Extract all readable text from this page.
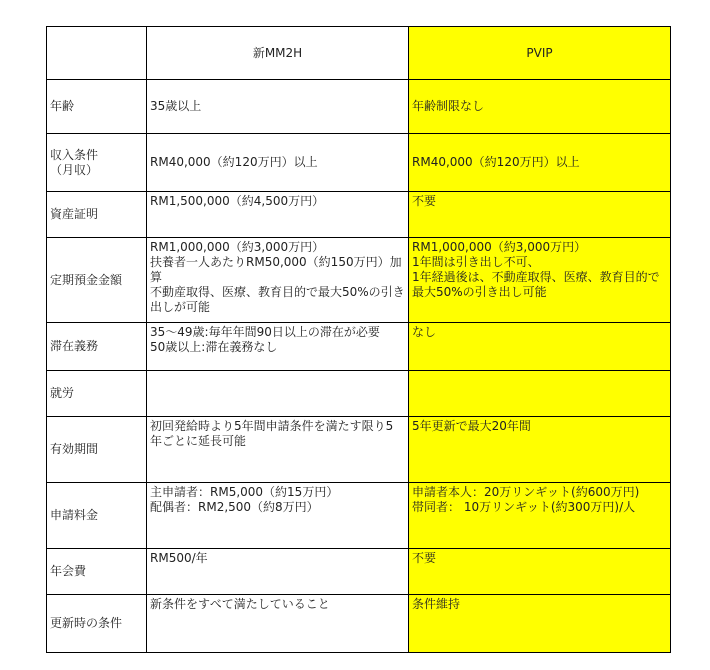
	新MM2H	PVIP
年齢	35歳以上	年齢制限なし

収入条件
（月収）	RM40,000（約120万円）以上	RM40,000（約120万円）以上

資産証明	RM1,500,000（約4,500万円）	不要

定期預金金額	RM1,000,000（約3,000万円）
扶養者一人あたりRM50,000（約150万円）加算
不動産取得、医療、教育目的で最大50%の引き出しが可能	RM1,000,000（約3,000万円）
1年間は引き出し不可、
1年経過後は、不動産取得、医療、教育目的で最大50%の引き出し可能

滞在義務	35～49歳:毎年年間90日以上の滞在が必要
50歳以上:滞在義務なし	なし

就労	

有効期間	初回発給時より5年間申請条件を満たす限り5年ごとに延長可能	5年更新で最大20年間

申請料金	主申請者：RM5,000（約15万円）
配偶者：RM2,500（約8万円）	申請者本人：20万リンギット(約600万円)
帯同者： 10万リンギット(約300万円)/人

年会費	RM500/年	不要

更新時の条件	新条件をすべて満たしていること	条件維持
